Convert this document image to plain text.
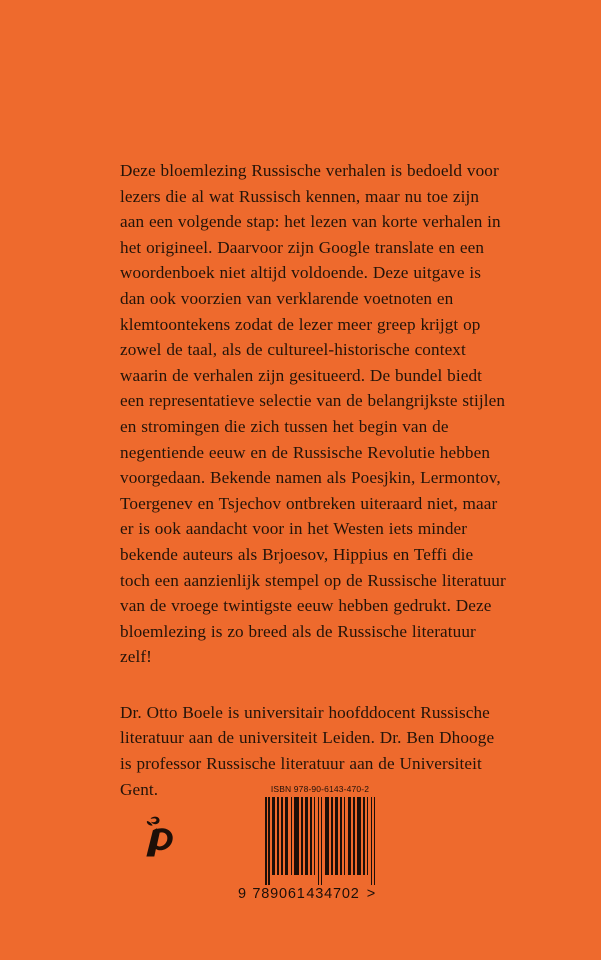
Deze bloemlezing Russische verhalen is bedoeld voor lezers die al wat Russisch kennen, maar nu toe zijn aan een volgende stap: het lezen van korte verhalen in het origineel. Daarvoor zijn Google translate en een woordenboek niet altijd voldoende. Deze uitgave is dan ook voorzien van verklarende voetnoten en klemtoontekens zodat de lezer meer greep krijgt op zowel de taal, als de cultureel-historische context waarin de verhalen zijn gesitueerd. De bundel biedt een representatieve selectie van de belangrijkste stijlen en stromingen die zich tussen het begin van de negentiende eeuw en de Russische Revolutie hebben voorgedaan. Bekende namen als Poesjkin, Lermontov, Toergenev en Tsjechov ontbreken uiteraard niet, maar er is ook aandacht voor in het Westen iets minder bekende auteurs als Brjoesov, Hippius en Teffi die toch een aanzienlijk stempel op de Russische literatuur van de vroege twintigste eeuw hebben gedrukt. Deze bloemlezing is zo breed als de Russische literatuur zelf!

Dr. Otto Boele is universitair hoofddocent Russische literatuur aan de universiteit Leiden. Dr. Ben Dhooge is professor Russische literatuur aan de Universiteit Gent.	ISBN 978-90-6143-470-2

9 789061 434702 >
